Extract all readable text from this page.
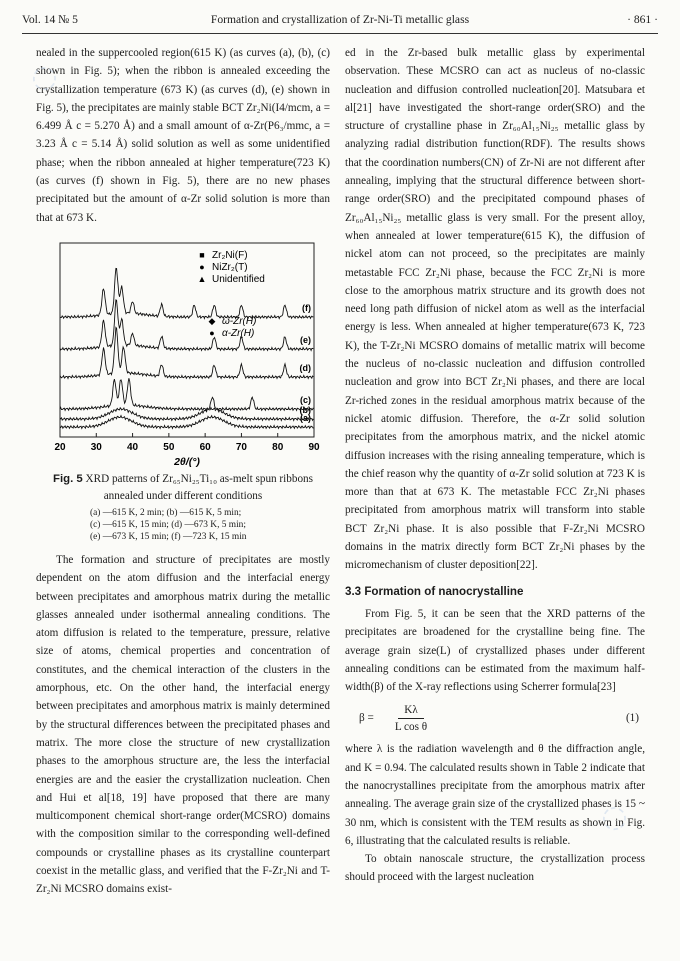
Vol. 14 № 5	Formation and crystallization of Zr-Ni-Ti metallic glass	· 861 ·

nealed in the suppercooled region(615 K) (as curves (a), (b), (c) shown in Fig. 5); when the ribbon is annealed exceeding the crystallization temperature (673 K) (as curves (d), (e) shown in Fig. 5), the precipitates are mainly stable BCT Zr₂Ni(I4/mcm, a = 6.499 Å c = 5.270 Å) and a small amount of α-Zr(P6₃/mmc, a = 3.23 Å c = 5.14 Å) solid solution as well as some unidentified phase; when the ribbon annealed at higher temperature(723 K) (as curves (f) shown in Fig. 5), there are no new phases precipitated but the amount of α-Zr solid solution is more than that at 673 K.

20	30	40	50	60	70	80	90
2θ/(°)
(a)
(b)
(c)
(d)
(e)
(f)
■ Zr₂Ni(F)
● NiZr₂(T)
▲ Unidentified
◆ ω-Zr(H)
● α-Zr(H)
Fig. 5 XRD patterns of Zr₆₅Ni₂₅Ti₁₀ as-melt spun ribbons annealed under different conditions
(a) —615 K, 2 min; (b) —615 K, 5 min;
(c) —615 K, 15 min; (d) —673 K, 5 min;
(e) —673 K, 15 min; (f) —723 K, 15 min

The formation and structure of precipitates are mostly dependent on the atom diffusion and the interfacial energy between precipitates and amorphous matrix during the metallic glasses annealed under isothermal annealing conditions. The atom diffusion is related to the temperature, pressure, relative size of atoms, chemical properties and concentration of constitutes, and the chemical interaction of the clusters in the amorphous, etc. On the other hand, the interfacial energy between precipitates and amorphous matrix is mainly determined by the structural differences between the precipitated phases and matrix. The more close the structure of new crystallization phases to the amorphous structure are, the less the interfacial energies are and the easier the crystallization nucleation. Chen and Hui et al[18, 19] have proposed that there are many multicomponent chemical short-range order(MCSRO) domains with the composition similar to the corresponding well-defined compounds or crystalline phases as its crystalline counterpart coexist in the metallic glass, and verified that the F-Zr₂Ni and T-Zr₂Ni MCSRO domains exist-

ed in the Zr-based bulk metallic glass by experimental observation. These MCSRO can act as nucleus of no-classic nucleation and diffusion controlled nucleation[20]. Matsubara et al[21] have investigated the short-range order(SRO) and the structure of crystalline phase in Zr₆₀Al₁₅Ni₂₅ metallic glass by analyzing radial distribution function(RDF). The results shows that the coordination numbers(CN) of Zr-Ni are not different after annealing, implying that the structural difference between short-range order(SRO) and the precipitated compound phases of Zr₆₀Al₁₅Ni₂₅ metallic glass is very small. For the present alloy, when annealed at lower temperature(615 K), the diffusion of nickel atom can not proceed, so the precipitates are mainly metastable FCC Zr₂Ni phase, because the FCC Zr₂Ni is more close to the amorphous matrix structure and its growth does not need long path diffusion of nickel atom as well as the interfacial energy is less. When annealed at higher temperature(673 K, 723 K), the T-Zr₂Ni MCSRO domains of metallic matrix will become the nucleus of no-classic nucleation and diffusion controlled nucleation and grow into BCT Zr₂Ni phases, and there are local Zr-riched zones in the residual amorphous matrix because of the nickel atomic diffusion. Therefore, the α-Zr solid solution precipitates from the amorphous matrix, and the nickel atomic diffusion increases with the rising annealing temperature, which is the chief reason why the quantity of α-Zr solid solution at 723 K is more than that at 673 K. The metastable FCC Zr₂Ni phases precipitated from amorphous matrix will transform into stable BCT Zr₂Ni phase. It is also possible that F-Zr₂Ni MCSRO domains in the matrix directly form BCT Zr₂Ni phases by the micromechanism of cluster deposition[22].

3.3 Formation of nanocrystalline

From Fig. 5, it can be seen that the XRD patterns of the precipitates are broadened for the crystalline being fine. The average grain size(L) of crystallized phases under different annealing conditions can be estimated from the maximum half-width(β) of the X-ray reflections using Scherrer formula[23]

$\beta = \frac{K\lambda}{\text{L cos θ}}$	(1)

where λ is the radiation wavelength and θ the diffraction angle, and K = 0.94. The calculated results shown in Table 2 indicate that the nanocrystallines precipitate from the amorphous matrix after annealing. The average grain size of the crystallized phases is 15 ~ 30 nm, which is consistent with the TEM results as shown in Fig. 6, illustrating that the calculated results is reliable.

To obtain nanoscale structure, the crystallization process should proceed with the largest nucleation

◌
◌
